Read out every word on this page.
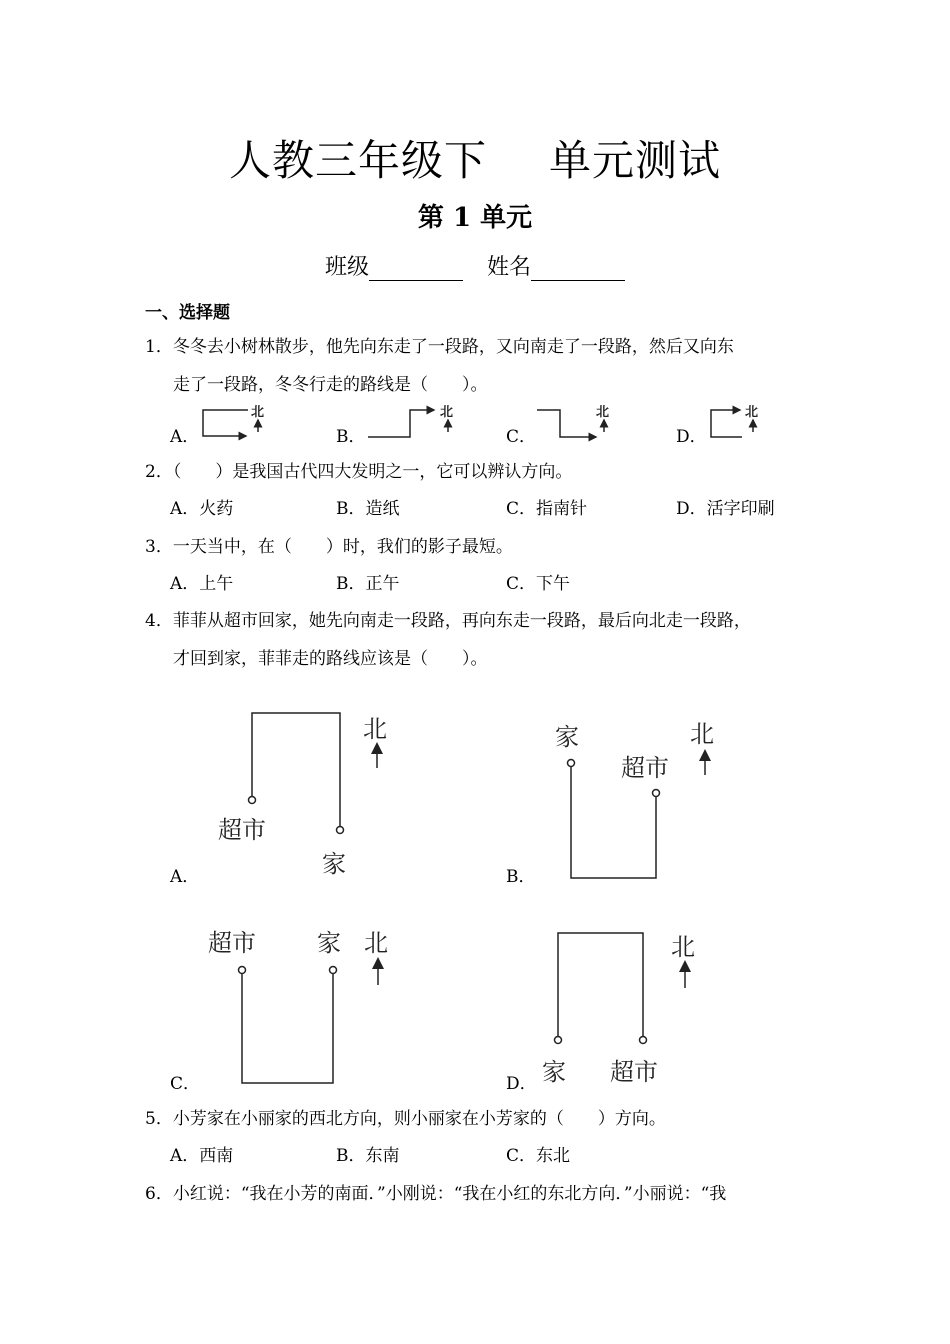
人教三年级下 单元测试
第 1 单元
班级	姓名
一、选择题
1．冬冬去小树林散步，他先向东走了一段路，又向南走了一段路，然后又向东
走了一段路，冬冬行走的路线是（　　）。
A．	B．	C．	D．
北	北	北	北
2．（　　）是我国古代四大发明之一，它可以辨认方向。
A．火药	B．造纸	C．指南针	D．活字印刷
3．一天当中，在（　　）时，我们的影子最短。
A．上午	B．正午	C．下午
4．菲菲从超市回家，她先向南走一段路，再向东走一段路，最后向北走一段路，
才回到家，菲菲走的路线应该是（　　）。
超市
家
北	家
超市
北
超市	家 北
家 超市
北
A．	B．
C．	D．
5．小芳家在小丽家的西北方向，则小丽家在小芳家的（　　）方向。
A．西南	B．东南	C．东北
6．小红说：“我在小芳的南面．”小刚说：“我在小红的东北方向．”小丽说：“我
